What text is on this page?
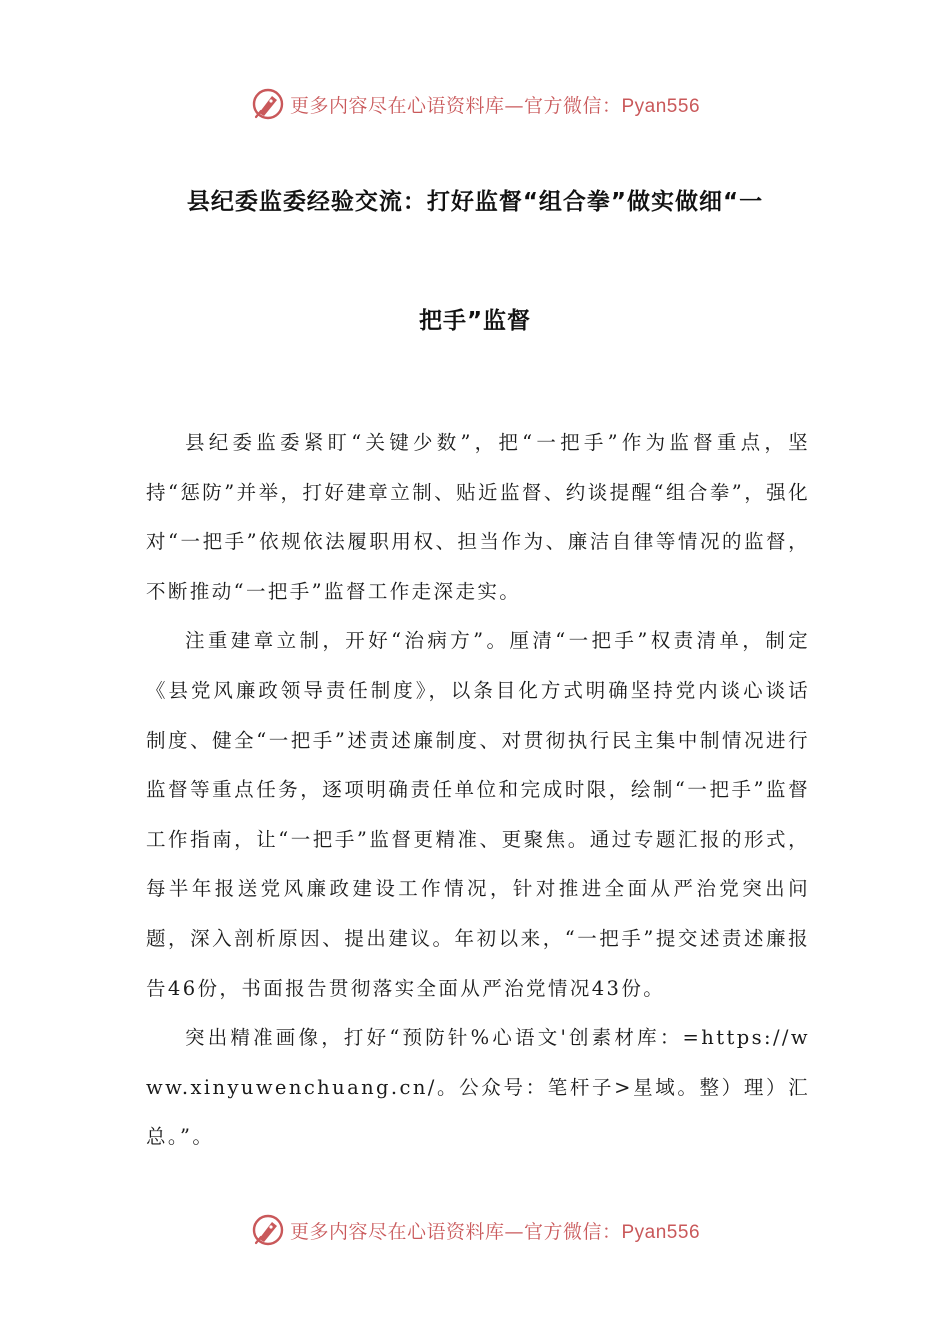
更多内容尽在心语资料库—官方微信：Pyan556
县纪委监委经验交流：打好监督“组合拳”做实做细“一
把手”监督

县纪委监委紧盯“关键少数”，把“一把手”作为监督重点，坚持“惩防”并举，打好建章立制、贴近监督、约谈提醒“组合拳”，强化对“一把手”依规依法履职用权、担当作为、廉洁自律等情况的监督，不断推动“一把手”监督工作走深走实。

注重建章立制，开好“治病方”。厘清“一把手”权责清单，制定《县党风廉政领导责任制度》，以条目化方式明确坚持党内谈心谈话制度、健全“一把手”述责述廉制度、对贯彻执行民主集中制情况进行监督等重点任务，逐项明确责任单位和完成时限，绘制“一把手”监督工作指南，让“一把手”监督更精准、更聚焦。通过专题汇报的形式，每半年报送党风廉政建设工作情况，针对推进全面从严治党突出问题，深入剖析原因、提出建议。年初以来，“一把手”提交述责述廉报告46份，书面报告贯彻落实全面从严治党情况43份。

突出精准画像，打好“预防针%心语文'创素材库：=https://www.xinyuwenchuang.cn/。公众号：笔杆子>星域。整）理）汇总。”。

更多内容尽在心语资料库—官方微信：Pyan556
